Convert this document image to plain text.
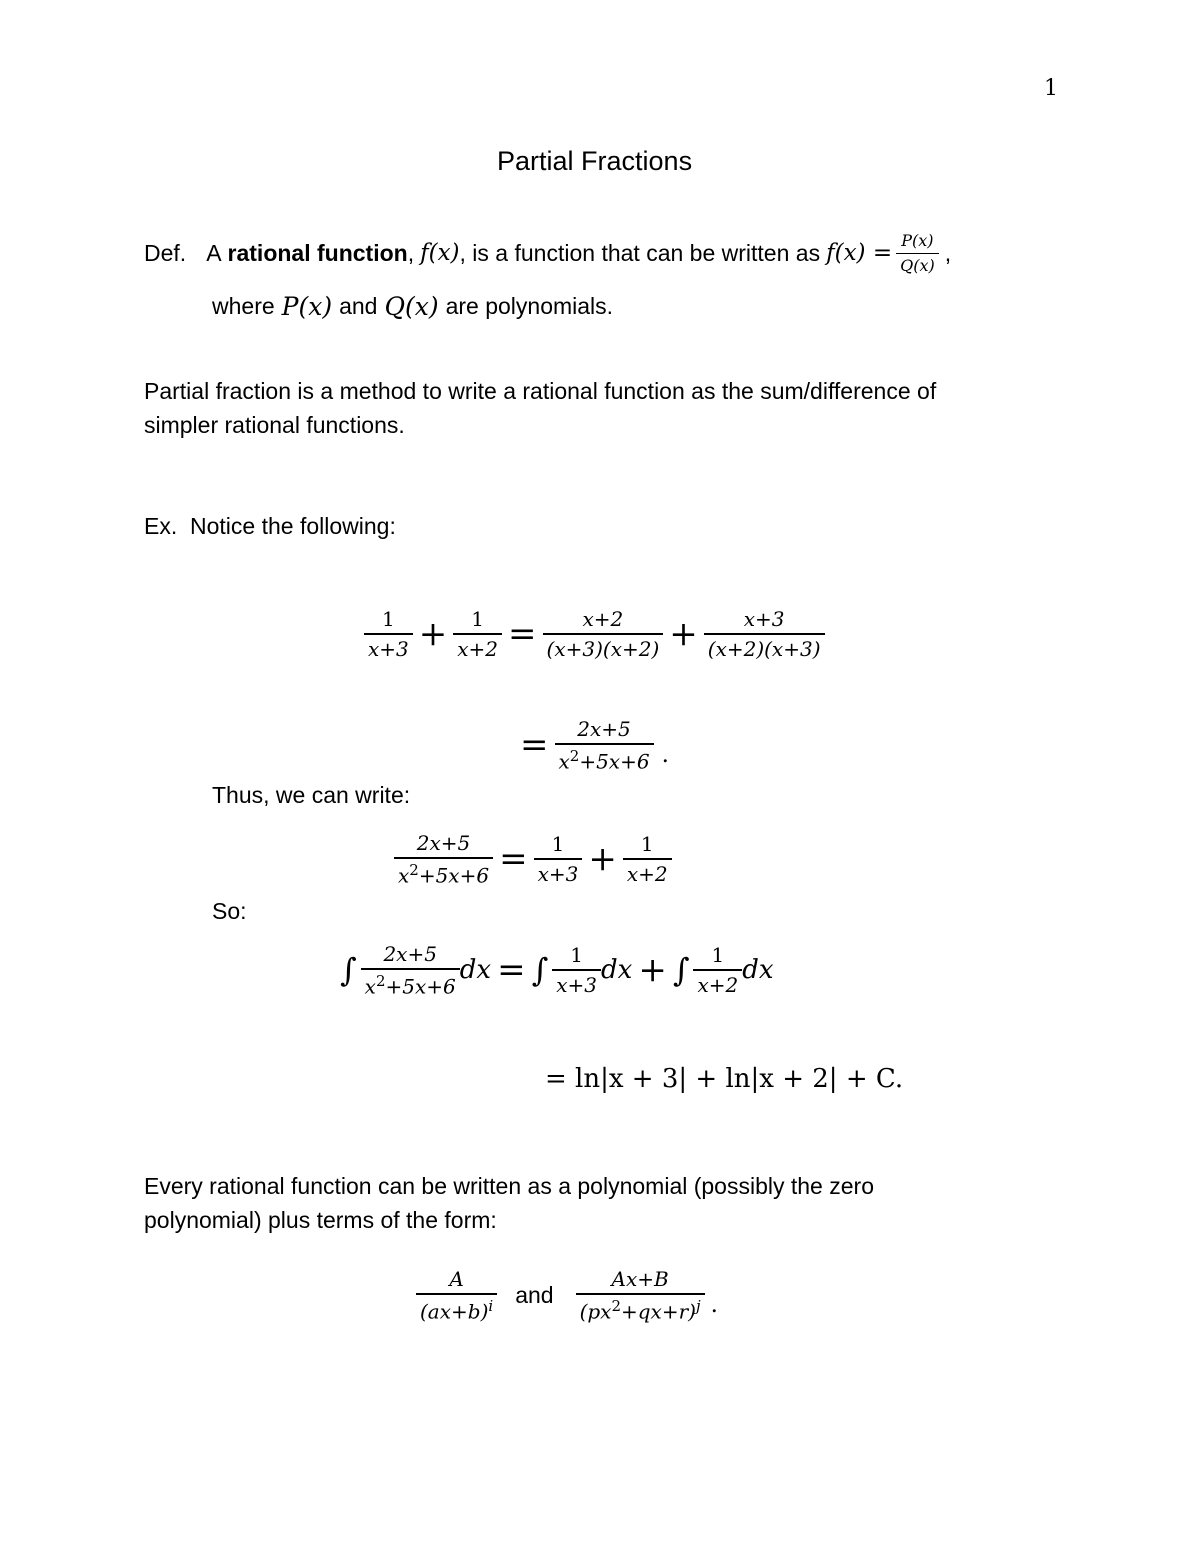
1
Partial Fractions
Def. A rational function , f(x) , is a function that can be written as $f(x) = \frac{P(x)}{Q(x)}$ ,
where P(x) and Q(x) are polynomials.
Partial fraction is a method to write a rational function as the sum/difference of
simpler rational functions.
Ex.  Notice the following:
$\frac{1}{x+3} + \frac{1}{x+2} = \frac{x+2}{(x+3)(x+2)} + \frac{x+3}{(x+2)(x+3)}$
= $\frac{2x+5}{x^2+5x+6}$ .
Thus, we can write:
$\frac{2x+5}{x^2+5x+6} = \frac{1}{x+3} + \frac{1}{x+2}$
So:
∫ $\frac{2x+5}{x^2+5x+6}$ dx = ∫ $\frac{1}{x+3}$ dx + ∫ $\frac{1}{x+2}$ dx
= ln|x + 3| + ln|x + 2| + C.
Every rational function can be written as a polynomial (possibly the zero
polynomial) plus terms of the form:
$\frac{A}{(ax+b)^i}$ and $\frac{Ax+B}{(px^2+qx+r)^j}$ .
